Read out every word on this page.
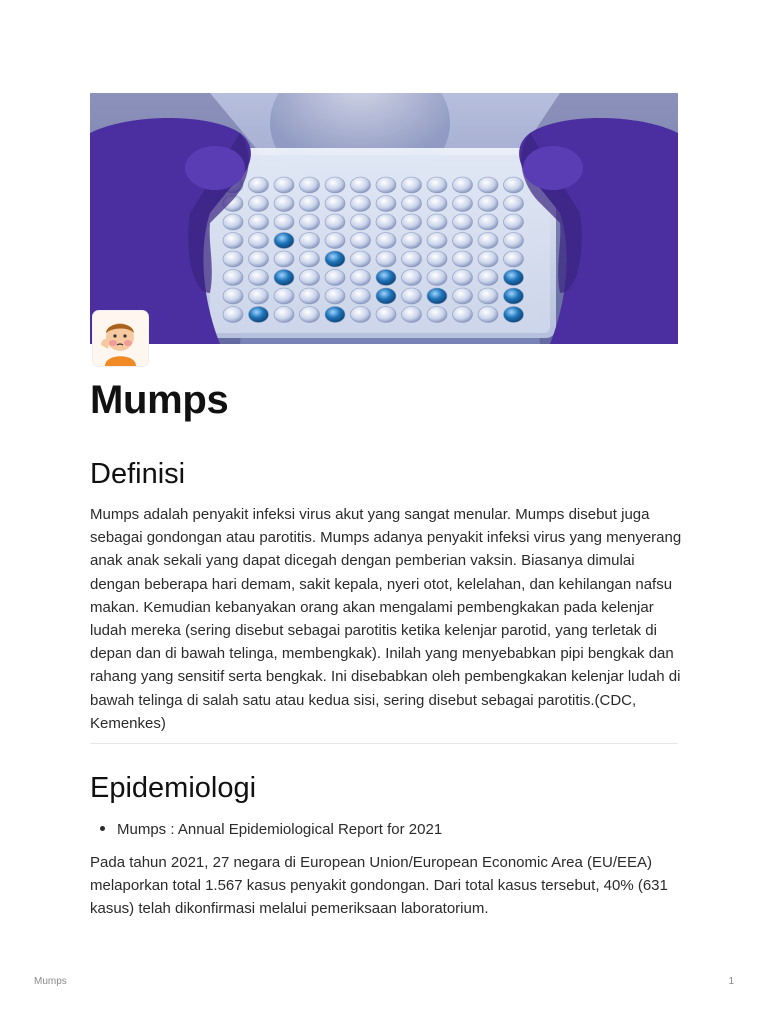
Mumps
Definisi

Mumps adalah penyakit infeksi virus akut yang sangat menular. Mumps disebut juga sebagai gondongan atau parotitis. Mumps adanya penyakit infeksi virus yang menyerang anak anak sekali yang dapat dicegah dengan pemberian vaksin. Biasanya dimulai dengan beberapa hari demam, sakit kepala, nyeri otot, kelelahan, dan kehilangan nafsu makan. Kemudian kebanyakan orang akan mengalami pembengkakan pada kelenjar ludah mereka (sering disebut sebagai parotitis ketika kelenjar parotid, yang terletak di depan dan di bawah telinga, membengkak). Inilah yang menyebabkan pipi bengkak dan rahang yang sensitif serta bengkak. Ini disebabkan oleh pembengkakan kelenjar ludah di bawah telinga di salah satu atau kedua sisi, sering disebut sebagai parotitis.(CDC, Kemenkes)

Epidemiologi
Mumps : Annual Epidemiological Report for 2021

Pada tahun 2021, 27 negara di European Union/European Economic Area (EU/EEA) melaporkan total 1.567 kasus penyakit gondongan. Dari total kasus tersebut, 40% (631 kasus) telah dikonfirmasi melalui pemeriksaan laboratorium.

Mumps	1
